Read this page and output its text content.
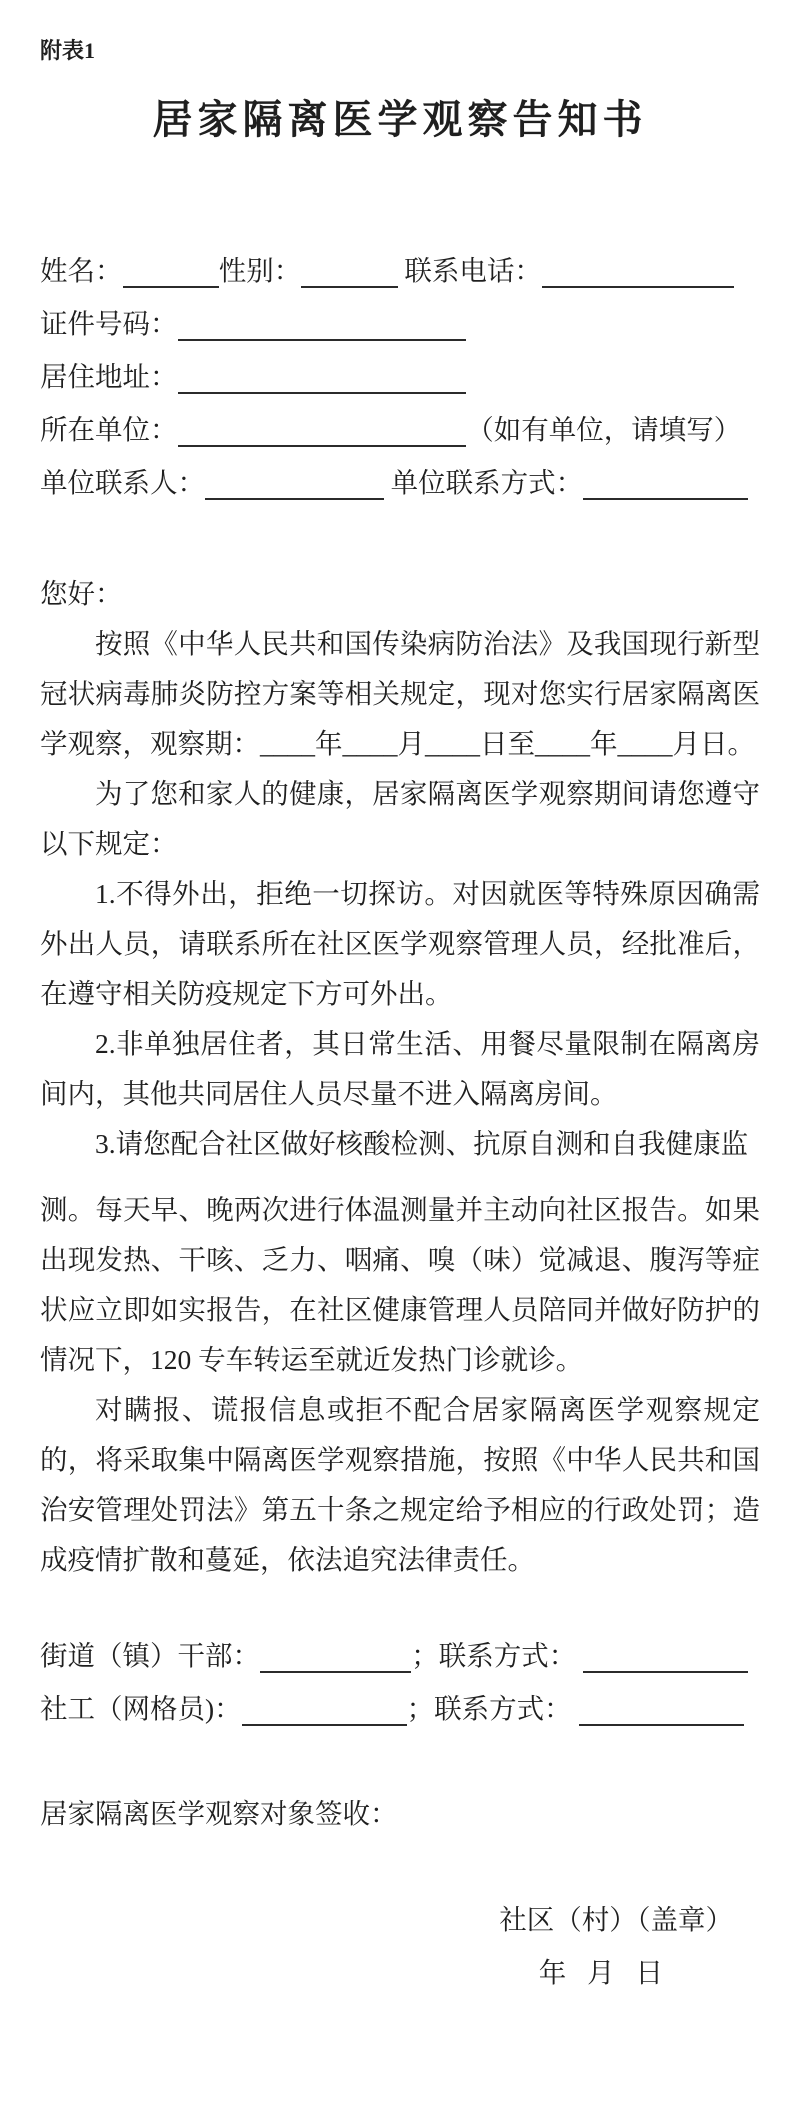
附表1
居家隔离医学观察告知书
姓名：	性别：	联系电话：
证件号码：
居住地址：
所在单位：	（如有单位，请填写）
单位联系人：	单位联系方式：

您好：

按照《中华人民共和国传染病防治法》及我国现行新型冠状病毒肺炎防控方案等相关规定，现对您实行居家隔离医学观察，观察期：____年____月____日至____年____月日。

为了您和家人的健康，居家隔离医学观察期间请您遵守以下规定：

1.不得外出，拒绝一切探访。对因就医等特殊原因确需外出人员，请联系所在社区医学观察管理人员，经批准后，在遵守相关防疫规定下方可外出。

2.非单独居住者，其日常生活、用餐尽量限制在隔离房间内，其他共同居住人员尽量不进入隔离房间。

3.请您配合社区做好核酸检测、抗原自测和自我健康监

测。每天早、晚两次进行体温测量并主动向社区报告。如果出现发热、干咳、乏力、咽痛、嗅（味）觉减退、腹泻等症状应立即如实报告，在社区健康管理人员陪同并做好防护的情况下，120 专车转运至就近发热门诊就诊。

对瞒报、谎报信息或拒不配合居家隔离医学观察规定的，将采取集中隔离医学观察措施，按照《中华人民共和国治安管理处罚法》第五十条之规定给予相应的行政处罚；造成疫情扩散和蔓延，依法追究法律责任。

街道（镇）干部：	；联系方式：
社工（网格员)：	；联系方式：

居家隔离医学观察对象签收：

社区（村）（盖章）
年 月 日
